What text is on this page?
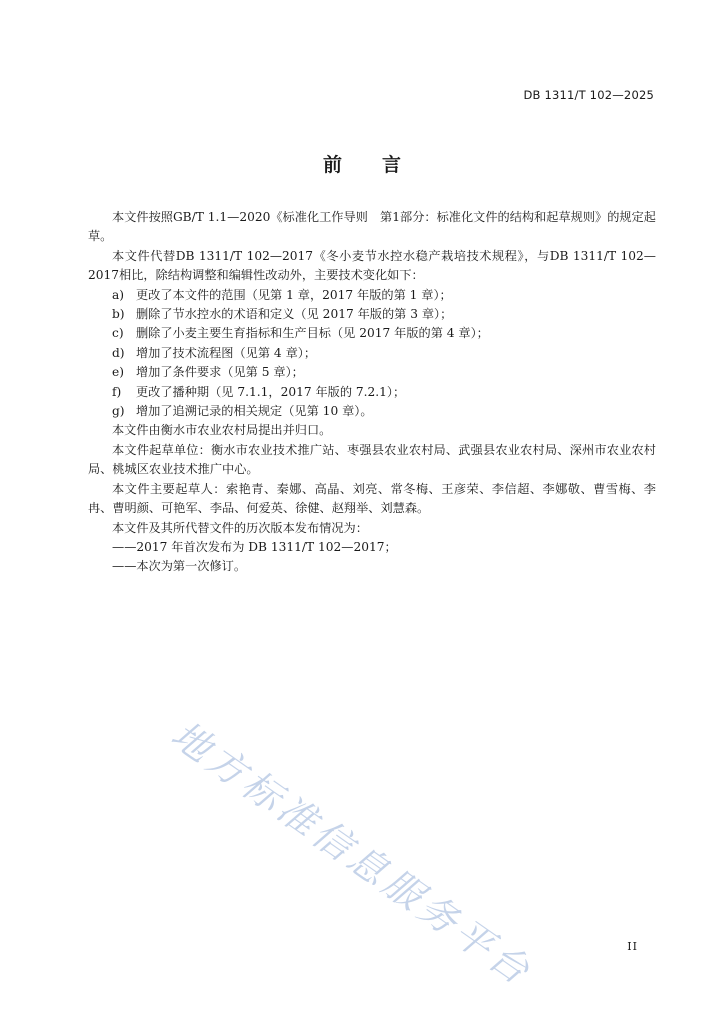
DB 1311/T 102—2025
前言

本文件按照GB/T 1.1—2020《标准化工作导则　第1部分：标准化文件的结构和起草规则》的规定起草。

本文件代替DB 1311/T 102—2017《冬小麦节水控水稳产栽培技术规程》，与DB 1311/T 102—2017相比，除结构调整和编辑性改动外，主要技术变化如下：

a) 更改了本文件的范围（见第 1 章，2017 年版的第 1 章）；
b) 删除了节水控水的术语和定义（见 2017 年版的第 3 章）；
c)	删除了小麦主要生育指标和生产目标（见 2017 年版的第 4 章）；
d) 增加了技术流程图（见第 4 章）；
e) 增加了条件要求（见第 5 章）；
f)	更改了播种期（见 7.1.1，2017 年版的 7.2.1）；
g) 增加了追溯记录的相关规定（见第 10 章）。

本文件由衡水市农业农村局提出并归口。

本文件起草单位：衡水市农业技术推广站、枣强县农业农村局、武强县农业农村局、深州市农业农村局、桃城区农业技术推广中心。

本文件主要起草人：索艳青、秦娜、高晶、刘亮、常冬梅、王彦荣、李信超、李娜敬、曹雪梅、李冉、曹明颜、可艳军、李品、何爱英、徐健、赵翔举、刘慧森。

本文件及其所代替文件的历次版本发布情况为：

——2017 年首次发布为 DB 1311/T 102—2017；

——本次为第一次修订。

地方标准信息服务平台	II
